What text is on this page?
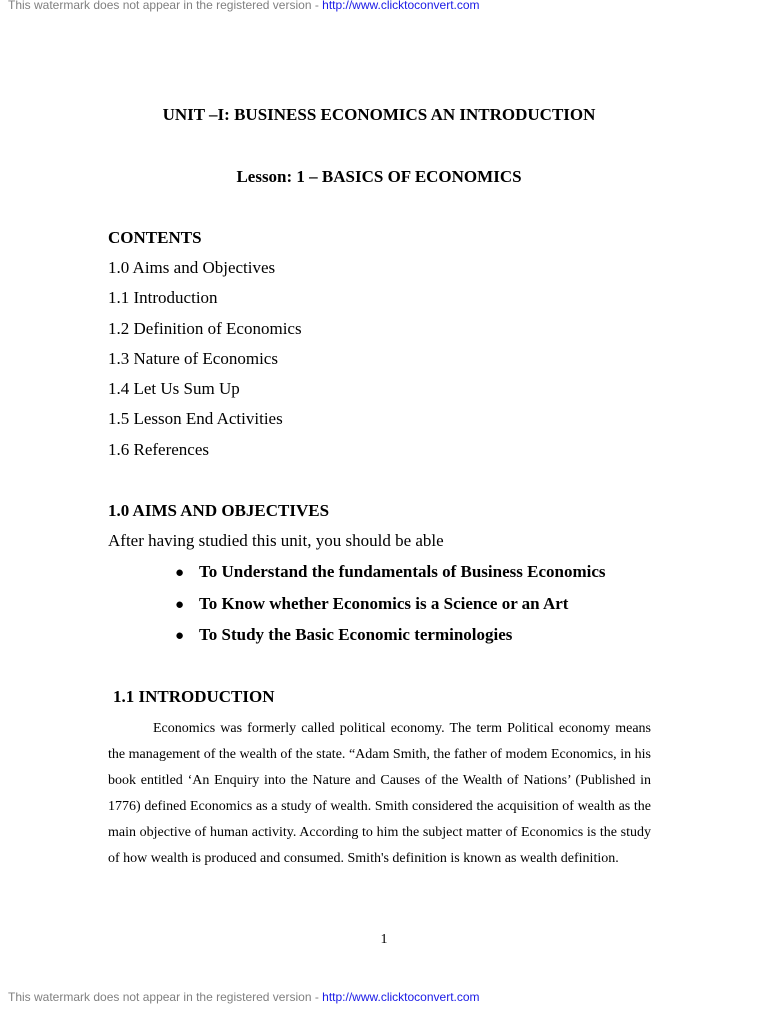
This watermark does not appear in the registered version - http://www.clicktoconvert.com
UNIT –I: BUSINESS ECONOMICS AN INTRODUCTION
Lesson: 1 – BASICS OF ECONOMICS
CONTENTS
1.0 Aims and Objectives
1.1 Introduction
1.2 Definition of Economics
1.3 Nature of Economics
1.4 Let Us Sum Up
1.5 Lesson End Activities
1.6 References
1.0 AIMS AND OBJECTIVES
After having studied this unit, you should be able
● To Understand the fundamentals of Business Economics
● To Know whether Economics is a Science or an Art
● To Study the Basic Economic terminologies
1.1 INTRODUCTION

Economics was formerly called political economy. The term Political economy means the management of the wealth of the state. “Adam Smith, the father of modem Economics, in his book entitled ‘An Enquiry into the Nature and Causes of the Wealth of Nations’ (Published in 1776) defined Economics as a study of wealth. Smith considered the acquisition of wealth as the main objective of human activity. According to him the subject matter of Economics is the study of how wealth is produced and consumed. Smith's definition is known as wealth definition.

1
This watermark does not appear in the registered version - http://www.clicktoconvert.com
